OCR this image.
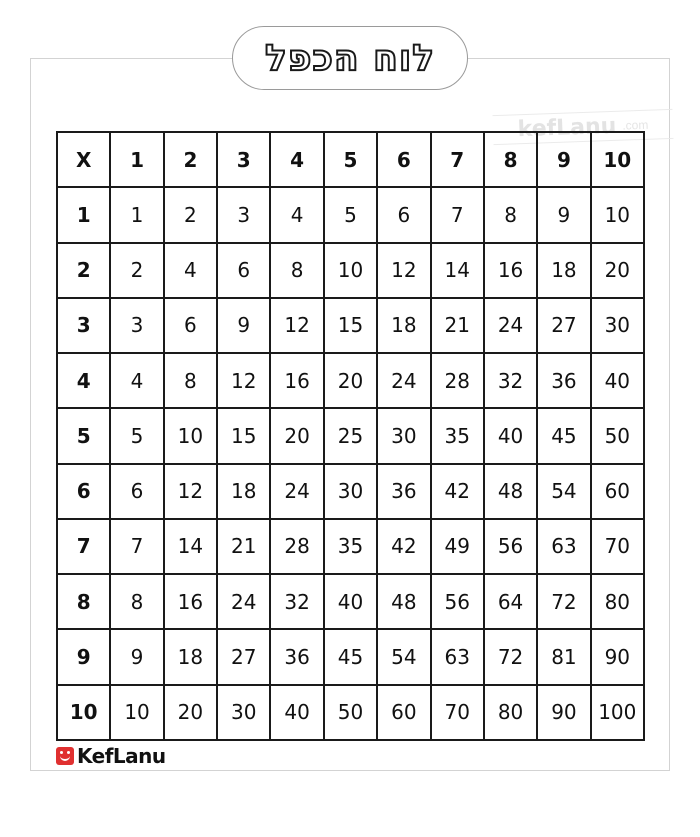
לוח הכפל
kefLanu .com
X	1	2	3	4	5	6	7	8	9	10
1	1	2	3	4	5	6	7	8	9	10
2	2	4	6	8	10	12	14	16	18	20
3	3	6	9	12	15	18	21	24	27	30
4	4	8	12	16	20	24	28	32	36	40
5	5	10	15	20	25	30	35	40	45	50
6	6	12	18	24	30	36	42	48	54	60
7	7	14	21	28	35	42	49	56	63	70
8	8	16	24	32	40	48	56	64	72	80
9	9	18	27	36	45	54	63	72	81	90
10	10	20	30	40	50	60	70	80	90	100
KefLanu
